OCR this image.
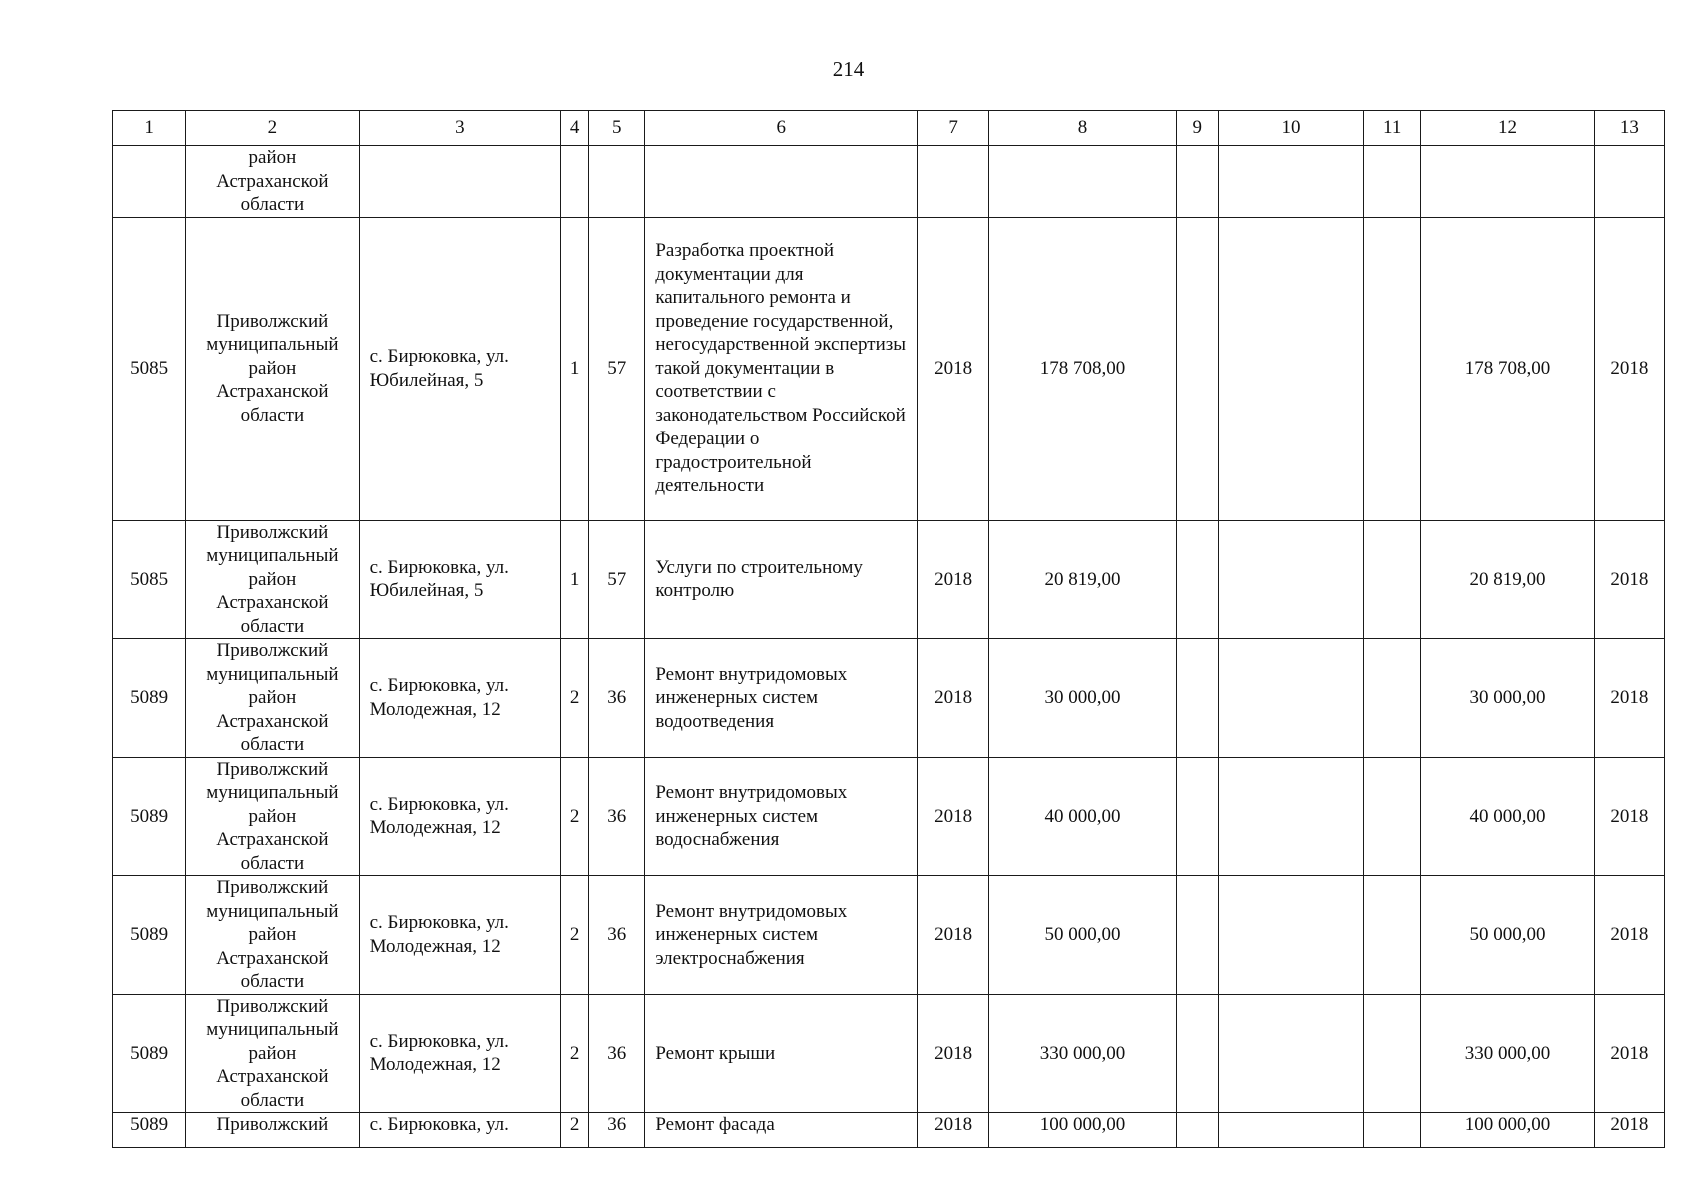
214
1	2	3	4	5	6	7	8	9	10	11	12	13
	район Астраханской области											
5085	Приволжский муниципальный район Астраханской области	с. Бирюковка, ул. Юбилейная, 5	1	57	Разработка проектной документации для капитального ремонта и проведение государственной, негосударственной экспертизы такой документации в соответствии с законодательством Российской Федерации о градостроительной деятельности	2018	178 708,00				178 708,00	2018
5085	Приволжский муниципальный район Астраханской области	с. Бирюковка, ул. Юбилейная, 5	1	57	Услуги по строительному контролю	2018	20 819,00				20 819,00	2018
5089	Приволжский муниципальный район Астраханской области	с. Бирюковка, ул. Молодежная, 12	2	36	Ремонт внутридомовых инженерных систем водоотведения	2018	30 000,00				30 000,00	2018
5089	Приволжский муниципальный район Астраханской области	с. Бирюковка, ул. Молодежная, 12	2	36	Ремонт внутридомовых инженерных систем водоснабжения	2018	40 000,00				40 000,00	2018
5089	Приволжский муниципальный район Астраханской области	с. Бирюковка, ул. Молодежная, 12	2	36	Ремонт внутридомовых инженерных систем электроснабжения	2018	50 000,00				50 000,00	2018
5089	Приволжский муниципальный район Астраханской области	с. Бирюковка, ул. Молодежная, 12	2	36	Ремонт крыши	2018	330 000,00				330 000,00	2018
5089	Приволжский	с. Бирюковка, ул.	2	36	Ремонт фасада	2018	100 000,00				100 000,00	2018
